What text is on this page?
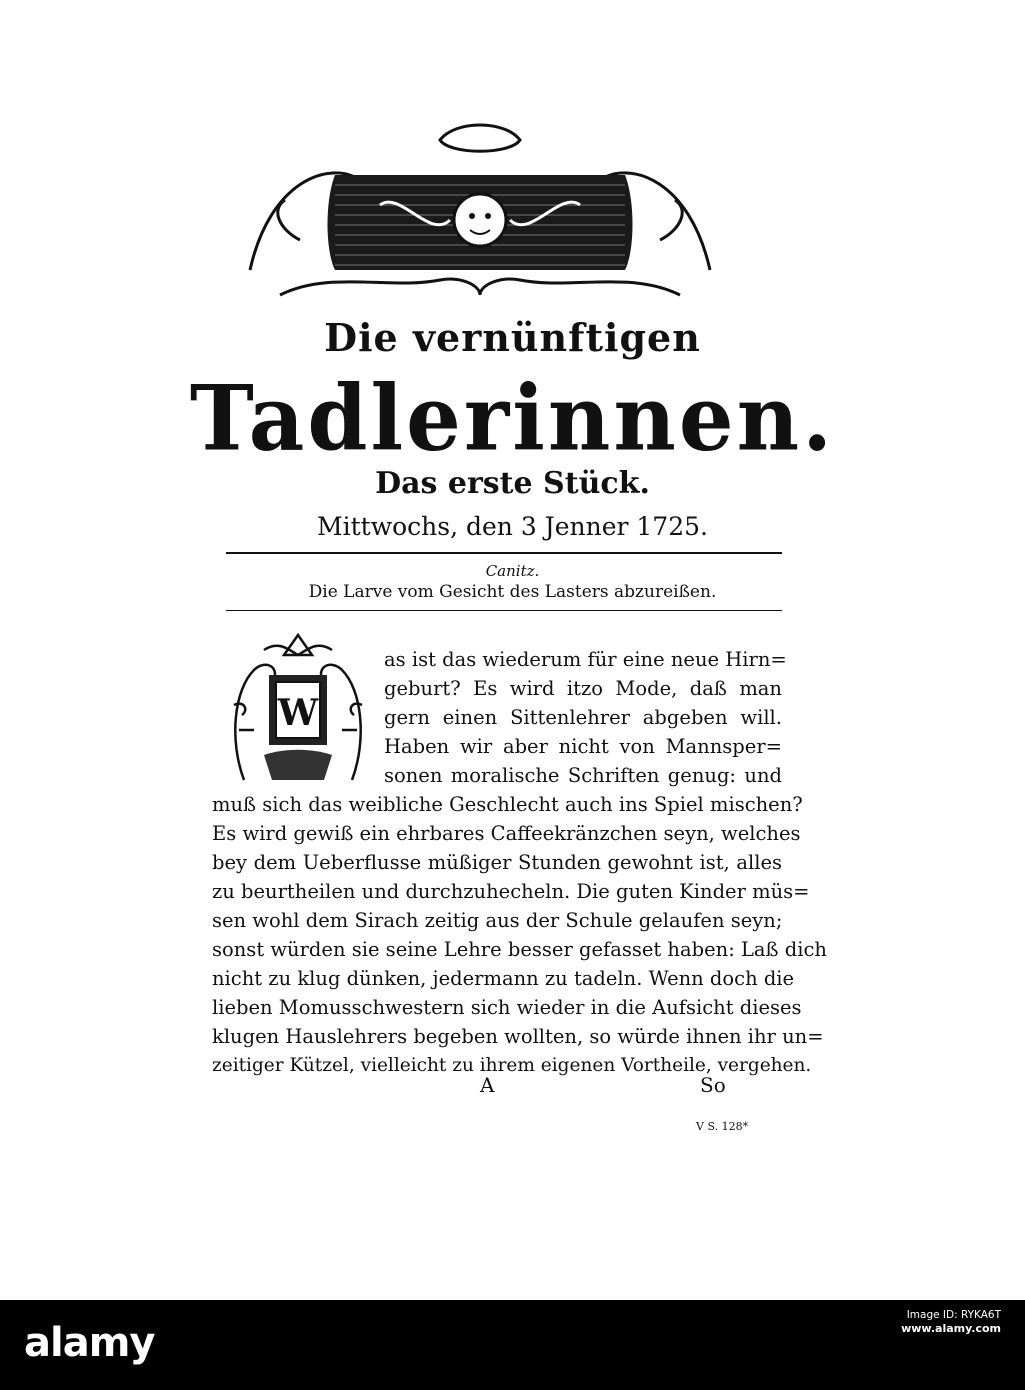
Die vernünftigen
Tadlerinnen.
Das erste Stück.
Mittwochs, den 3 Jenner 1725.
Canitz.
Die Larve vom Gesicht des Lasters abzureißen.
W
as ist das wiederum für eine neue Hirn=
geburt? Es wird itzo Mode, daß man
gern einen Sittenlehrer abgeben will.
Haben wir aber nicht von Mannsper=
sonen moralische Schriften genug: und
muß sich das weibliche Geschlecht auch ins Spiel mischen?
Es wird gewiß ein ehrbares Caffeekränzchen seyn, welches
bey dem Ueberflusse müßiger Stunden gewohnt ist, alles
zu beurtheilen und durchzuhecheln. Die guten Kinder müs=
sen wohl dem Sirach zeitig aus der Schule gelaufen seyn;
sonst würden sie seine Lehre besser gefasset haben: Laß dich
nicht zu klug dünken, jedermann zu tadeln. Wenn doch die
lieben Momusschwestern sich wieder in die Aufsicht dieses
klugen Hauslehrers begeben wollten, so würde ihnen ihr un=
zeitiger Kützel, vielleicht zu ihrem eigenen Vortheile, vergehen.
A	So
V S. 128*
alamy
Image ID: RYKA6T
www.alamy.com
